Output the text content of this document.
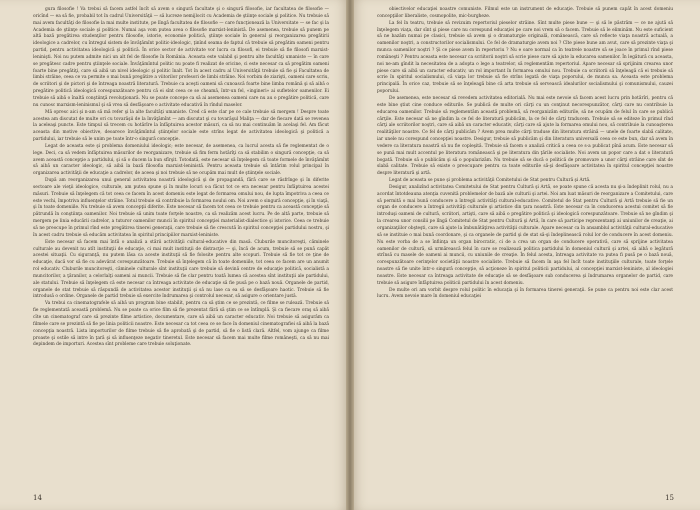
gura filosofie ! Va trebui să facem astfel încît să avem o singură facultate şi o singură filosofie, iar facultatea de filosofie — oricînd — ea să fie, probabil tot în cadrul Universităţii — să lucreze nemijlocit cu Academia de ştiinţe sociale şi politice. Nu trebuie să mai avem facultăţi de filosofie la mai multe institute, pe lîngă facultatea de filosofie — care funcţionează la Universitate — se fac şi la Academia de ştiinţe sociale şi politice. Numai aşa vom putea avea o filosofie marxist-leninistă. De asemenea, trebuie să punem pe altă bază pregătirea studenţilor pentru filosofie, istorie, economie politică, ştiinţe sociale în general şi reorganizarea pregătirii ideologice a cadrelor, cu întregul sistem de învăţămînt politic-ideologic, ţinînd seama de faptul că trebuie să pregătim oameni pentru partid, pentru activitatea ideologică şi politică. În orice sector de activitate vor lucra ca filosofi, ei trebuie să fie filosofi marxist-leninişti. Noi nu putem admite nici un alt fel de filosofie în România. Aceasta este valabil şi pentru alte facultăţi umaniste — în care se pregătesc cadre pentru ştiinţele sociale. Învăţămîntul politic nu poate fi realizat de oricine, ci este necesar ca să pregătim oameni foarte bine pregătiţi, care să aibă un nivel ideologic şi politic înalt. Tot în acest cadru al Universităţii trebuie să fie şi Facultatea de limbi străine, ceea ce va permite o mai bună pregătire a viitorilor profesori de limbi străine. Noi vorbim de ziarişti, oameni care scriu, de scriitori şi de pictori şi de întreaga noastră literatură. Trebuie ca aceşti oameni să cunoască foarte bine limba română şi să aibă o pregătire politică ideologică corespunzătoare pentru că ei sînt ceea ce se cheamă, într-un fel, «ingineri» ai sufletelor oamenilor. Ei trebuie să aibă o înaltă conştiinţă revoluţionară. Nu se poate concepe ca să ai asemenea oameni care nu au o pregătire politică, care nu cunosc marxism-leninismul şi să vrea să desfăşoare o activitate educativă în rîndul maselor.

Mă opresc aici şi n-am să mă refer şi la alte facultăţi umaniste. Cred că este clar pe ce cale trebuie să mergem ! Despre toate acestea am discutat de multe ori cu tovarăşii de la învăţămînt — am discutat şi cu tovarăşul Maliţa — dar de fiecare dată se revenea la aceleaşi puncte. Este timpul să trecem cu hotărîre la înfăptuirea acestor măsuri, ca să nu mai continuăm în acelaşi fel. Am făcut aceasta din motive obiective, deoarece învăţămîntul ştiinţelor sociale este strîns legat de activitatea ideologică şi politică a partidului, iar trebuie să le unim pe toate într-o singură concepţie.

Legat de aceasta este şi problema domeniului ideologic; este necesar, de asemenea, ca lucrul acesta să fie reglementat de o lege. Deci, ca să vedem înfăptuirea măsurilor de reorganizare, trebuie să fim ferm hotărîţi ca să stabilim o singură concepţie, ca să avem această concepţie a partidului, şi să o ducem la bun sfîrşit. Totodată, este necesar să înţelegem că toate formele de învăţămînt să aibă un caracter ideologic, să aibă la bază filosofia marxist-leninistă. Pentru aceasta trebuie să întărim rolul principal în organizarea activităţii de educaţie a cadrelor, de aceea şi noi trebuie să ne ocupăm mai mult de ştiinţele sociale.

După am reorganizarea unui general activitatea noastră ideologică şi de propagandă, fără care se răsfrînge şi în diferite sectoare ale vieţii ideologice, culturale, am putea spune şi în multe locuri s-a făcut tot ce era necesar pentru înfăptuirea acestei măsuri. Trebuie să înţelegem că tot ceea ce facem în acest domeniu este legat de formarea omului nou, de lupta împotriva a ceea ce este vechi, împotriva influenţelor străine. Totul trebuie să contribuie la formarea noului om. Noi avem o singură concepţie, şi în viaţă, şi în toate domeniile. Nu trebuie să avem concepţii diferite. Este necesar să facem tot ceea ce trebuie pentru ca această concepţie să pătrundă în conştiinţa oamenilor. Noi trebuie să unim toate forţele noastre, ca să realizăm acest lucru. Pe de altă parte, trebuie să mergem pe linia educării cadrelor, a tuturor oamenilor muncii în spiritul concepţiei materialist-dialectice şi istorice. Ceea ce trebuie să ne preocupe în primul rînd este pregătirea tinerei generaţii, care trebuie să fie crescută în spiritul concepţiei partidului nostru, şi în acest cadru trebuie să educăm activitatea în spiritul principiilor marxist-leniniste.

Este necesar să facem mai întîi o analiză a stării activităţii cultural-educative din masă. Cluburile muncitoreşti, căminele culturale au devenit nu atît instituţii de educaţie, ci mai mult instituţii de distracţie — şi, încă de acum, trebuie să se pună capăt acestei situaţii. Cu siguranţă, nu putem lăsa ca aceste instituţii să fie folosite pentru alte scopuri. Trebuie să fie tot ce ţine de educaţie, dacă vor să fie cu adevărat corespunzătoare. Trebuie să înţelegem că în toate domeniile, tot ceea ce facem are un anumit rol educativ. Cluburile muncitoreşti, căminele culturale sînt instituţii care trebuie să devină centre de educaţie politică, socialistă a muncitorilor, a ţăranilor, a celorlalţi oameni ai muncii. Trebuie să fie clar pentru toată lumea că acestea sînt instituţii ale partidului, ale statului. Trebuie să înţelegem că este necesar ca întreaga activitate de educaţie să fie pusă pe o bază nouă. Organele de partid, organele de stat trebuie să răspundă de activitatea acestor instituţii şi să nu lase ca ea să se desfăşoare haotic. Trebuie să fie introdusă o ordine. Organele de partid trebuie să exercite îndrumarea şi controlul necesar, să asigure o orientare justă.

Va trebui ca cinematografele să aibă un program bine stabilit, pentru ca să ştim ce se prezintă, ce filme se rulează. Trebuie să fie reglementată această problemă. Nu se poate ca orice film să fie prezentat fără să ştim ce se întîmplă. Şi ca fiecare oraş să aibă cîte un cinematograf care să prezinte filme artistice, documentare, care să aibă un caracter educativ. Noi trebuie să asigurăm ca filmele care se prezintă să fie pe linia politicii noastre. Este necesar ca tot ceea ce se face în domeniul cinematografiei să aibă la bază concepţia noastră. Lista importurilor de filme trebuie să fie aprobată şi de partid, să fie o listă clară. Altfel, vom ajunge ca filme proaste şi ostile să intre în ţară şi să influenţeze negativ tineretul. Este necesar să facem mai multe filme româneşti, ca să nu mai depindem de importuri. Acestea sînt probleme care trebuie soluţionate.

14

obiectivelor educaţiei noastre comuniste. Filmul este un instrument de educaţie. Trebuie să punem capăt în acest domeniu concepţiilor liberaliste, cosmopolite, mic-burgheze.

La fel în teatru, trebuie să revizuim repertoriul pieselor străine. Sînt multe piese bune — şi să le păstrăm — ce ne ajută să înţelegem viaţa, dar sînt şi piese care nu corespund educaţiei pe care noi vrem să o facem. Trebuie să le eliminăm. Nu este suficient să ne bazăm numai pe clasici, trebuie să avem şi o dramaturgie originală, românească, care să reflecte viaţa noastră actuală, a oamenilor noştri, a constructorilor socialismului. Ce fel de dramaturgie avem noi ? Cîte piese bune am avut, care să prezinte viaţa şi munca oamenilor noştri ? Şi ce piese avem în repertoriu ? Nu e oare normal ca în teatrele noastre să se joace în primul rînd piese româneşti ? Pentru aceasta este necesar ca scriitorii noştri să scrie piese care să ajute la educarea oamenilor. În legătură cu aceasta, noi ne-am gîndit la necesitatea de a adopta o lege a teatrelor, să reglementăm repertoriul. Apare necesar să sprijinim crearea unor piese care să aibă un caracter educativ, un rol important în formarea omului nou. Trebuie ca scriitorii să înţeleagă că ei trebuie să scrie în spiritul socialismului, că viaţa lor trebuie să fie strîns legată de viaţa poporului, de munca sa. Aceasta este problema principală. În orice caz, trebuie să se înţeleagă bine că arta trebuie să servească idealurilor socialismului şi comunismului, cauzei poporului.

De asemenea, este necesar să revedem activitatea editorială. Nu mai este nevoie să facem acest lucru prin hotărîri, pentru că este bine ştiut cine conduce editurile. Se publică de multe ori cărţi cu un conţinut necorespunzător, cărţi care nu contribuie la educarea oamenilor. Trebuie să reglementăm această problemă, să reorganizăm editurile, să ne ocupăm de felul în care se publică cărţile. Este necesar să ne gîndim la ce fel de literatură publicăm, la ce fel de cărţi traducem. Trebuie să se editeze în primul rînd cărţi ale scriitorilor noştri, care să aibă un caracter educativ, cărţi care să ajute la formarea omului nou, să contribuie la cunoaşterea realităţilor noastre. Ce fel de cărţi publicăm ? Avem prea multe cărţi traduse din literatura străină — unele de foarte slabă calitate, iar unele nu corespund concepţiei noastre. Desigur, trebuie să publicăm şi din literatura universală ceea ce este bun, dar să avem în vedere ca literatura noastră să nu fie copleşită. Trebuie să facem o analiză critică a ceea ce s-a publicat pînă acum. Este necesar să se pună mai mult accentul pe literatura românească şi pe literatura din ţările socialiste. Noi avem un popor care a dat o literatură bogată. Trebuie să o publicăm şi să o popularizăm. Nu trebuie să se ducă o politică de promovare a unor cărţi străine care sînt de slabă calitate. Trebuie să existe o preocupare pentru ca toate editurile să-şi desfăşoare activitatea în spiritul concepţiei noastre despre literatură şi artă.

Legat de aceasta se pune şi problema activităţii Comitetului de Stat pentru Cultură şi Artă.

Desigur, analizînd activitatea Comitetului de Stat pentru Cultură şi Artă, se poate spune că acesta nu şi-a îndeplinit rolul, nu a acordat întotdeauna atenţia cuvenită problemelor de bază ale culturii şi artei. Noi am luat măsuri de reorganizare a Comitetului, care să permită o mai bună conducere a întregii activităţi cultural-educative. Comitetul de Stat pentru Cultură şi Artă trebuie să fie un organ de conducere a întregii activităţi culturale şi artistice din ţara noastră. Este necesar ca în conducerea acestui comitet să fie introduşi oameni de cultură, scriitori, artişti, care să aibă o pregătire politică şi ideologică corespunzătoare. Trebuie să ne gîndim şi la crearea unor consilii pe lîngă Comitetul de Stat pentru Cultură şi Artă, în care să participe reprezentanţi ai uniunilor de creaţie, ai organizaţiilor obşteşti, care să ajute la îmbunătăţirea activităţii culturale. Apare necesar ca în ansamblul activităţii cultural-educative să se instituie o mai bună coordonare, şi ca organele de partid şi de stat să-şi îndeplinească rolul lor de conducere în acest domeniu. Nu este vorba de a se înfiinţa un organ birocratic, ci de a crea un organ de conducere operativă, care să sprijine activitatea oamenilor de cultură, să urmărească felul în care se realizează politica partidului în domeniul culturii şi artei, să aibă o legătură strînsă cu masele de oameni ai muncii, cu uniunile de creaţie. În felul acesta, întreaga activitate va putea fi pusă pe o bază nouă, corespunzătoare cerinţelor societăţii noastre socialiste. Trebuie să facem în aşa fel încît toate instituţiile culturale, toate forţele noastre să fie unite într-o singură concepţie, să acţioneze în spiritul politicii partidului, al concepţiei marxist-leniniste, al ideologiei noastre. Este necesar ca întreaga activitate de educaţie să se desfăşoare sub conducerea şi îndrumarea organelor de partid, care trebuie să asigure înfăptuirea politicii partidului în acest domeniu.

De multe ori am vorbit despre rolul politic în educaţia şi în formarea tinerei generaţii. Se pune ca pentru noi este clar acest lucru. Avem nevoie mare în domeniul educaţiei

15
